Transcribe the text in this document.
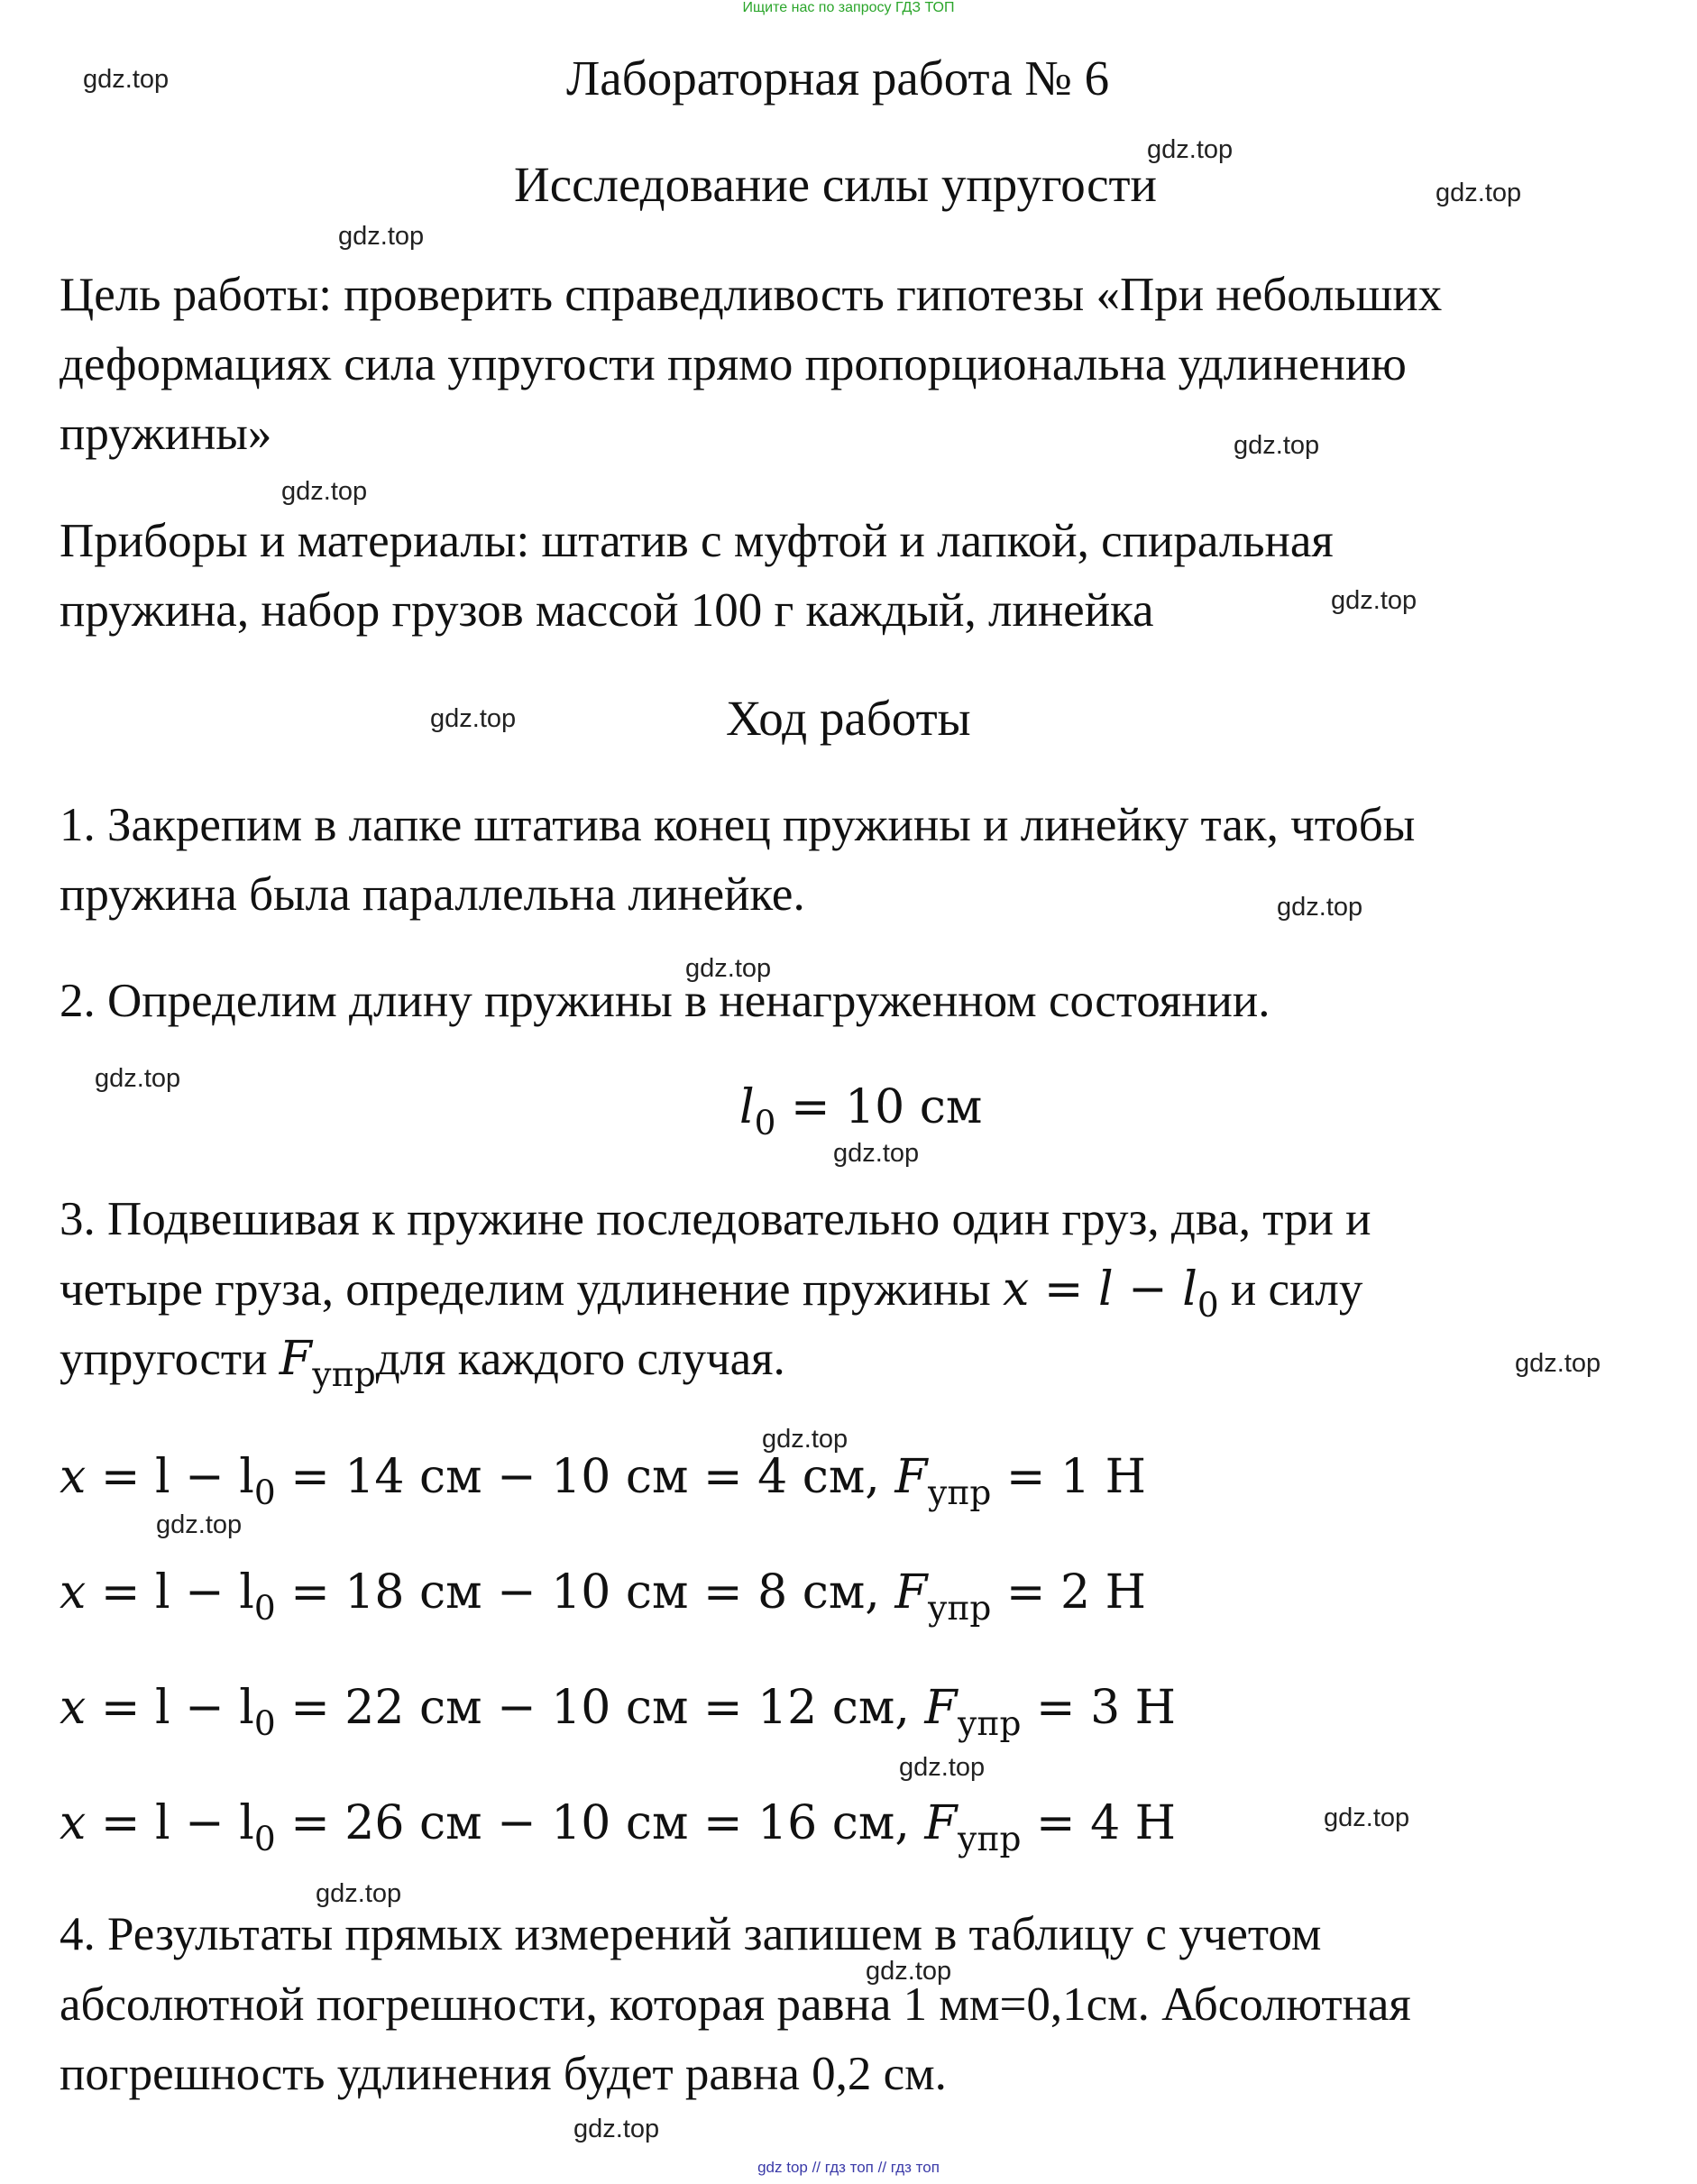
Ищите нас по запросу ГДЗ ТОП
Лабораторная работа № 6
Исследование силы упругости
Цель работы: проверить справедливость гипотезы «При небольших
деформациях сила упругости прямо пропорциональна удлинению
пружины»
Приборы и материалы: штатив с муфтой и лапкой, спиральная
пружина, набор грузов массой 100 г каждый, линейка
Ход работы
1. Закрепим в лапке штатива конец пружины и линейку так, чтобы
пружина была параллельна линейке.
2. Определим длину пружины в ненагруженном состоянии.
$l_0 = 10$ см
3. Подвешивая к пружине последовательно один груз, два, три и
четыре груза, определим удлинение пружины $x = l - l_0$ и силу
упругости $F_{упр}для$ каждого случая.
$x = l - l_0 = 14$ см − 10 см = 4 см, $F_{упр} = 1$ Н
$x = l - l_0 = 18$ см − 10 см = 8 см, $F_{упр} = 2$ Н
$x = l - l_0 = 22$ см − 10 см = 12 см, $F_{упр} = 3$ Н
$x = l - l_0 = 26$ см − 10 см = 16 см, $F_{упр} = 4$ Н
4. Результаты прямых измерений запишем в таблицу с учетом
абсолютной погрешности, которая равна 1 мм=0,1см. Абсолютная
погрешность удлинения будет равна 0,2 см.
gdz.top
gdz.top
gdz.top
gdz.top
gdz.top
gdz.top
gdz.top
gdz.top
gdz.top
gdz.top
gdz.top
gdz.top
gdz.top
gdz.top
gdz.top
gdz.top
gdz.top
gdz.top
gdz.top
gdz.top
gdz top // гдз топ // гдз топ
